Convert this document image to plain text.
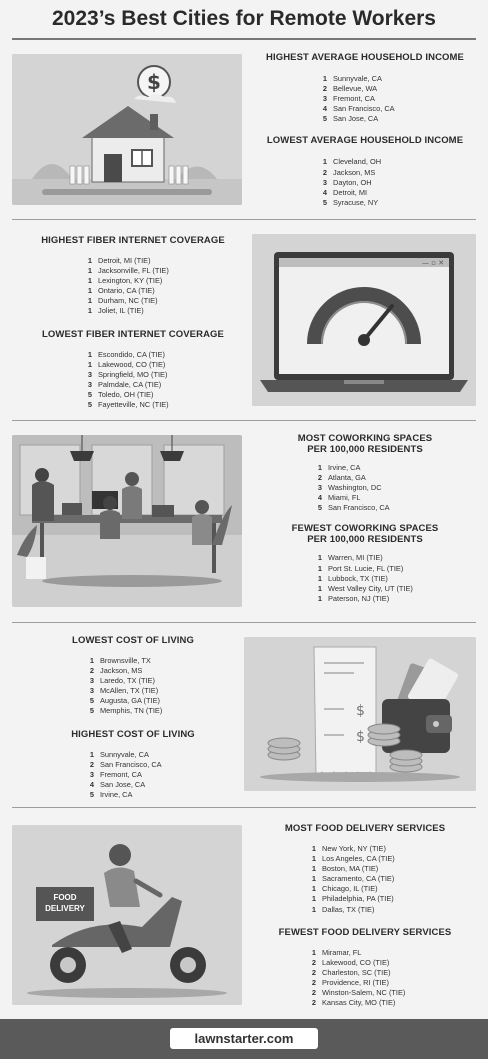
2023’s Best Cities for Remote Workers
$
HIGHEST AVERAGE HOUSEHOLD INCOME
1 Sunnyvale, CA
2 Bellevue, WA
3 Fremont, CA
4 San Francisco, CA
5 San Jose, CA
LOWEST AVERAGE HOUSEHOLD INCOME
1 Cleveland, OH
2 Jackson, MS
3 Dayton, OH
4 Detroit, MI
5 Syracuse, NY
HIGHEST FIBER INTERNET COVERAGE
1 Detroit, MI (TIE)
1 Jacksonville, FL (TIE)
1 Lexington, KY (TIE)
1 Ontario, CA (TIE)
1 Durham, NC (TIE)
1 Joliet, IL (TIE)
LOWEST FIBER INTERNET COVERAGE
1 Escondido, CA (TIE)
1 Lakewood, CO (TIE)
3 Springfield, MO (TIE)
3 Palmdale, CA (TIE)
5 Toledo, OH (TIE)
5 Fayetteville, NC (TIE)
— ▫ ✕
MOST COWORKING SPACES
PER 100,000 RESIDENTS
1 Irvine, CA
2 Atlanta, GA
3 Washington, DC
4 Miami, FL
5 San Francisco, CA
FEWEST COWORKING SPACES
PER 100,000 RESIDENTS
1 Warren, MI (TIE)
1 Port St. Lucie, FL (TIE)
1 Lubbock, TX (TIE)
1 West Valley City, UT (TIE)
1 Paterson, NJ (TIE)
LOWEST COST OF LIVING
1 Brownsville, TX
2 Jackson, MS
3 Laredo, TX (TIE)
3 McAllen, TX (TIE)
5 Augusta, GA (TIE)
5 Memphis, TN (TIE)
HIGHEST COST OF LIVING
1 Sunnyvale, CA
2 San Francisco, CA
3 Fremont, CA
4 San Jose, CA
5 Irvine, CA
$
$
FOOD
DELIVERY
MOST FOOD DELIVERY SERVICES
1 New York, NY (TIE)
1 Los Angeles, CA (TIE)
1 Boston, MA (TIE)
1 Sacramento, CA (TIE)
1 Chicago, IL (TIE)
1 Philadelphia, PA (TIE)
1 Dallas, TX (TIE)
FEWEST FOOD DELIVERY SERVICES
1 Miramar, FL
2 Lakewood, CO (TIE)
2 Charleston, SC (TIE)
2 Providence, RI (TIE)
2 Winston-Salem, NC (TIE)
2 Kansas City, MO (TIE)
lawnstarter.com
